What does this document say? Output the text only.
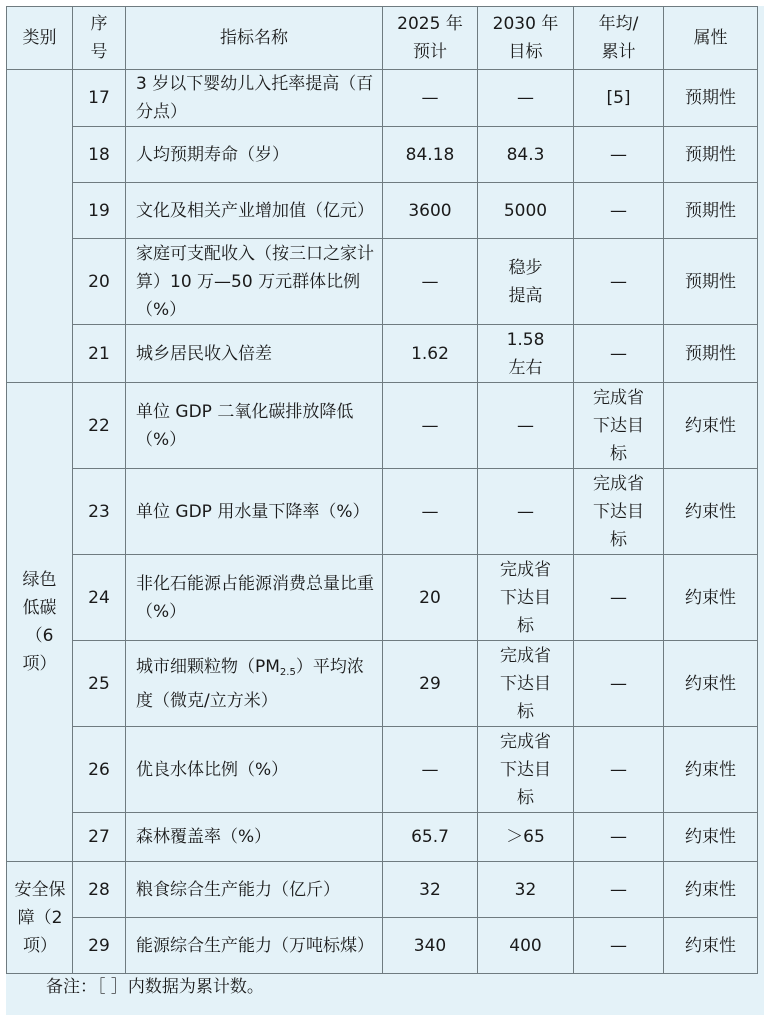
类别	序号	指标名称	2025 年预计	2030 年目标	年均/累计	属性
	17	3 岁以下婴幼儿入托率提高（百分点）	—	—	[5]	预期性
	18	人均预期寿命（岁）	84.18	84.3	—	预期性
	19	文化及相关产业增加值（亿元）	3600	5000	—	预期性
	20	家庭可支配收入（按三口之家计算）10 万—50 万元群体比例（%）	—	稳步提高	—	预期性
	21	城乡居民收入倍差	1.62	1.58左右	—	预期性
绿色低碳（6 项）	22	单位 GDP 二氧化碳排放降低（%）	—	—	完成省下达目标	约束性
	23	单位 GDP 用水量下降率（%）	—	—	完成省下达目标	约束性
	24	非化石能源占能源消费总量比重（%）	20	完成省下达目标	—	约束性
	25	城市细颗粒物$(PM_{2.5})$平均浓度（微克/立方米）	29	完成省下达目标	—	约束性
	26	优良水体比例（%）	—	完成省下达目标	—	约束性
	27	森林覆盖率（%）	65.7	＞65	—	约束性
安全保障（2 项）	28	粮食综合生产能力（亿斤）	32	32	—	约束性
	29	能源综合生产能力（万吨标煤）	340	400	—	约束性
备注：［ ］内数据为累计数。
